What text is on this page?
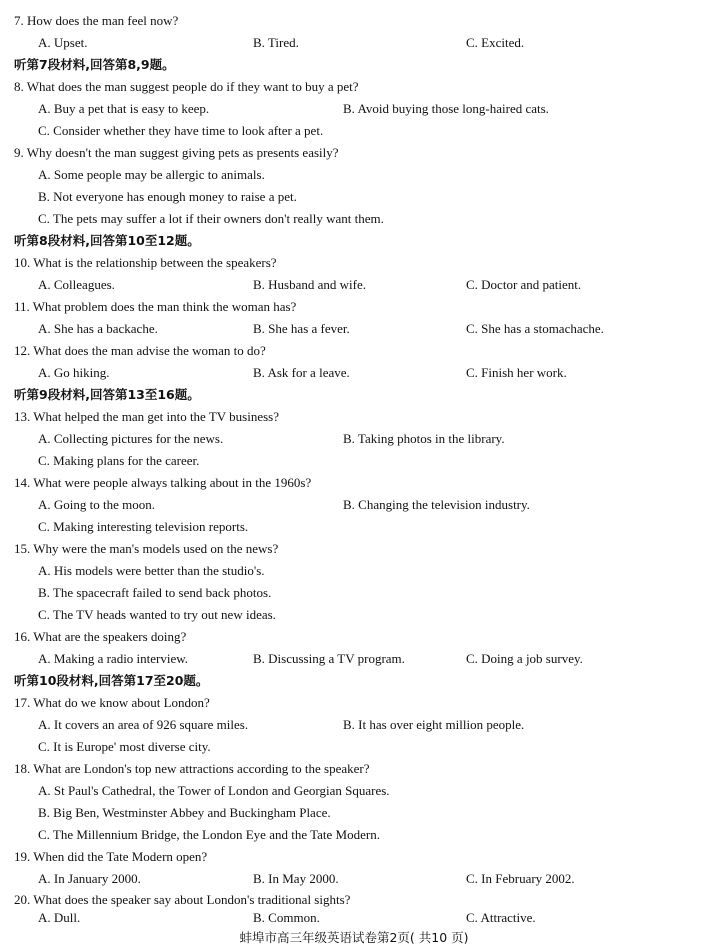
7. How does the man feel now?
A. Upset.	B. Tired.	C. Excited.
听第7段材料,回答第8,9题。
8. What does the man suggest people do if they want to buy a pet?
A. Buy a pet that is easy to keep.	B. Avoid buying those long-haired cats.
C. Consider whether they have time to look after a pet.
9. Why doesn't the man suggest giving pets as presents easily?
A. Some people may be allergic to animals.
B. Not everyone has enough money to raise a pet.
C. The pets may suffer a lot if their owners don't really want them.
听第8段材料,回答第10至12题。
10. What is the relationship between the speakers?
A. Colleagues.	B. Husband and wife.	C. Doctor and patient.
11. What problem does the man think the woman has?
A. She has a backache.	B. She has a fever.	C. She has a stomachache.
12. What does the man advise the woman to do?
A. Go hiking.	B. Ask for a leave.	C. Finish her work.
听第9段材料,回答第13至16题。
13. What helped the man get into the TV business?
A. Collecting pictures for the news.	B. Taking photos in the library.
C. Making plans for the career.
14. What were people always talking about in the 1960s?
A. Going to the moon.	B. Changing the television industry.
C. Making interesting television reports.
15. Why were the man's models used on the news?
A. His models were better than the studio's.
B. The spacecraft failed to send back photos.
C. The TV heads wanted to try out new ideas.
16. What are the speakers doing?
A. Making a radio interview.	B. Discussing a TV program.	C. Doing a job survey.
听第10段材料,回答第17至20题。
17. What do we know about London?
A. It covers an area of 926 square miles.	B. It has over eight million people.
C. It is Europe' most diverse city.
18. What are London's top new attractions according to the speaker?
A. St Paul's Cathedral, the Tower of London and Georgian Squares.
B. Big Ben, Westminster Abbey and Buckingham Place.
C. The Millennium Bridge, the London Eye and the Tate Modern.
19. When did the Tate Modern open?
A. In January 2000.	B. In May 2000.	C. In February 2002.
20. What does the speaker say about London's traditional sights?
A. Dull.	B. Common.	C. Attractive.
蚌埠市高三年级英语试卷第2页( 共10 页)
